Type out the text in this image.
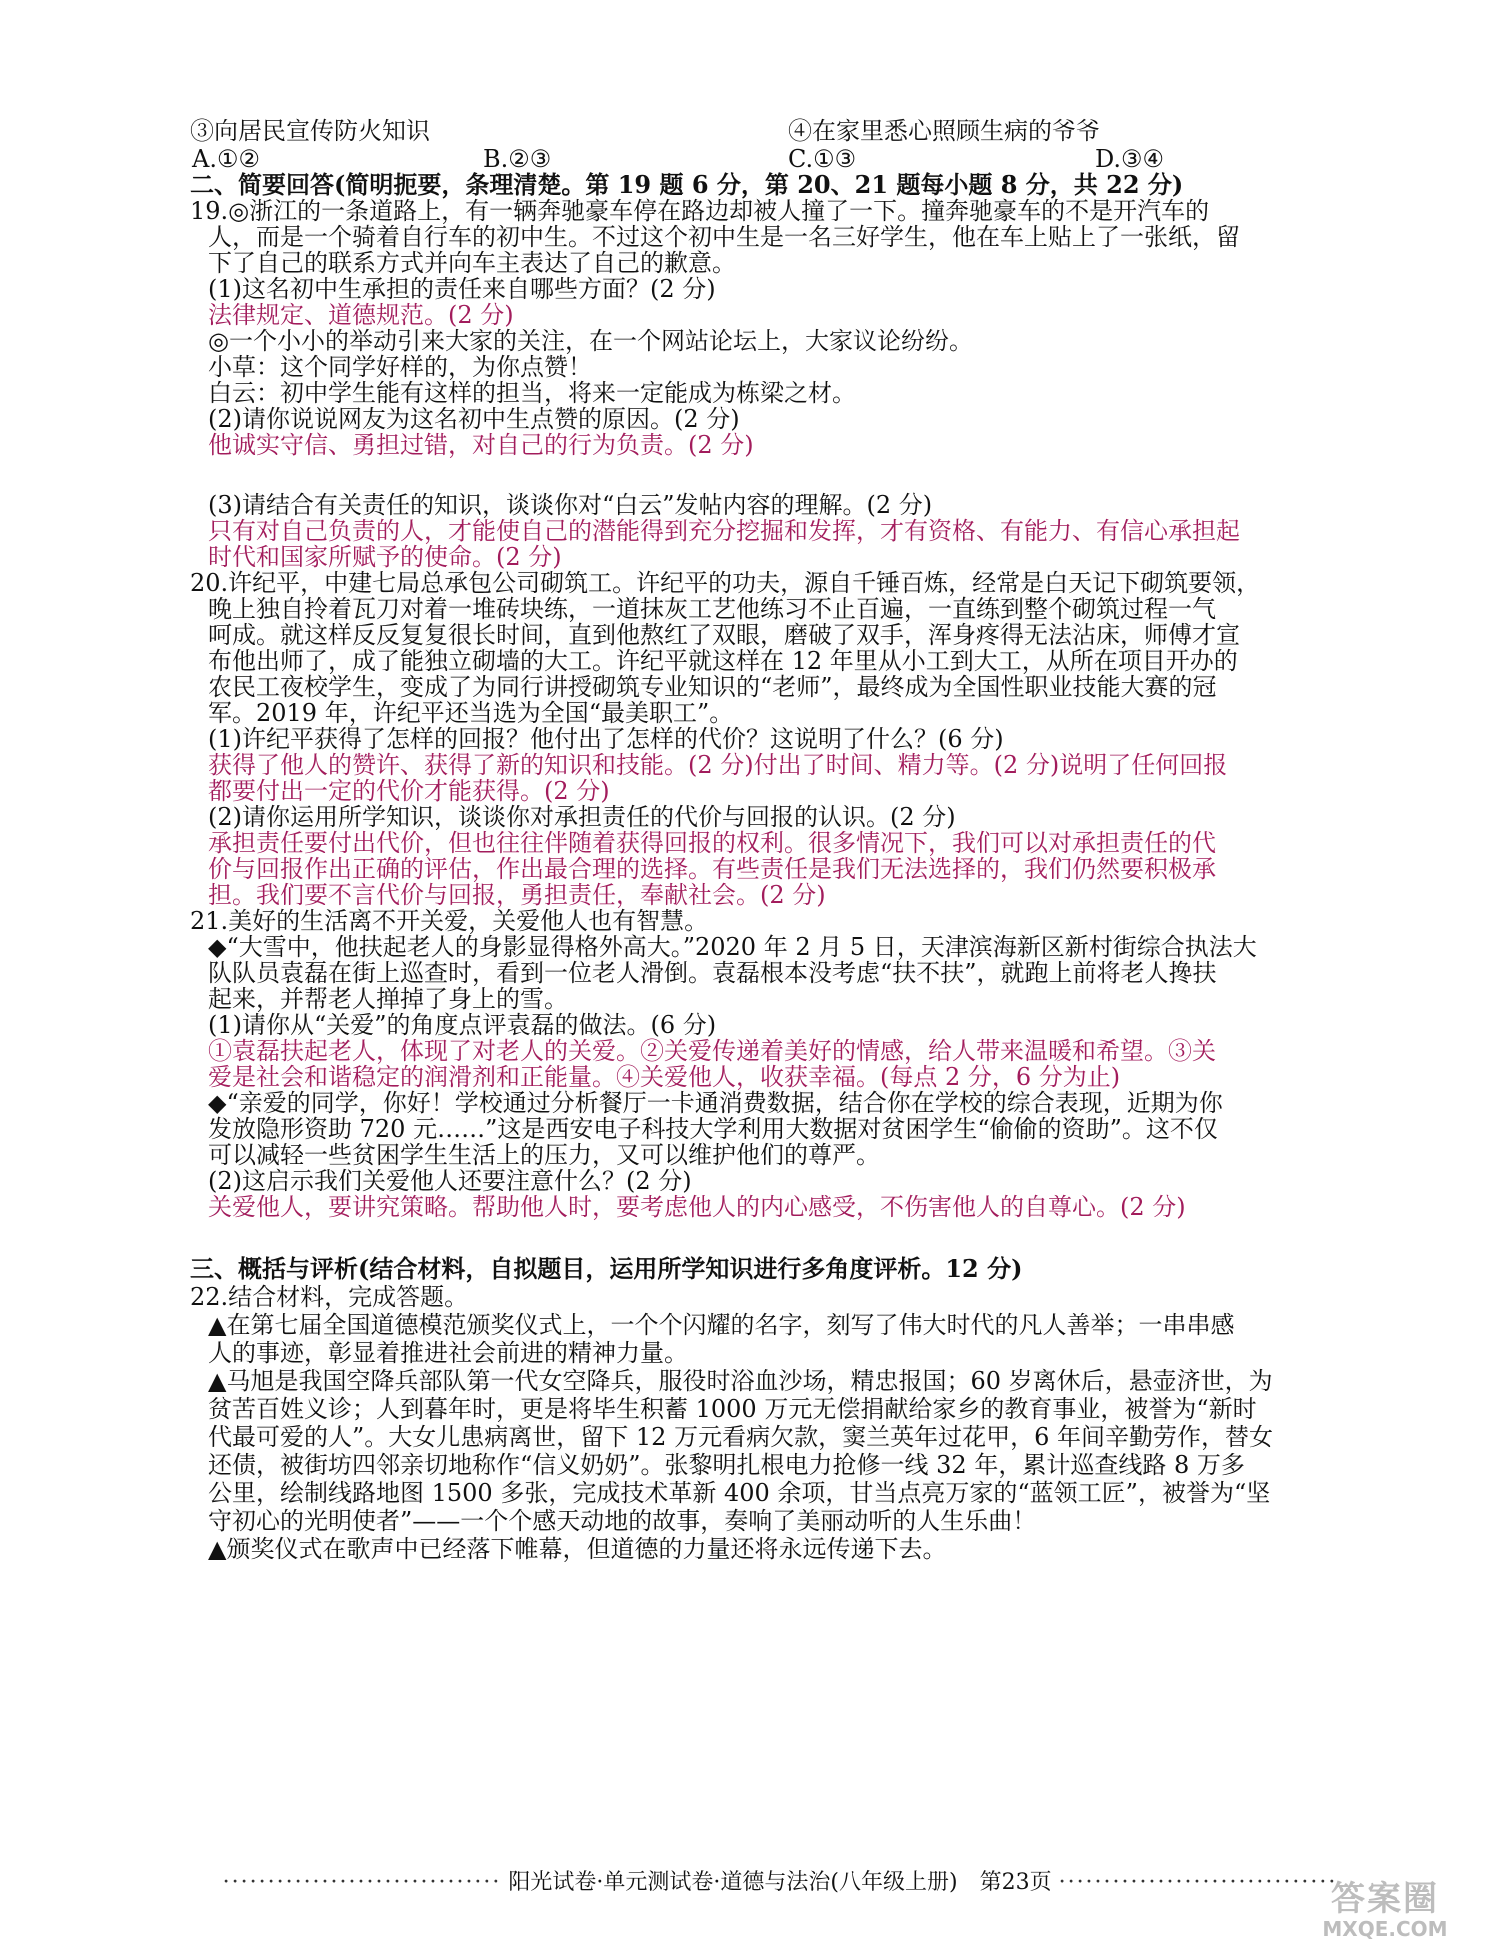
③向居民宣传防火知识	④在家里悉心照顾生病的爷爷
A.①②	B.②③	C.①③	D.③④
二、简要回答(简明扼要，条理清楚。第 19 题 6 分，第 20、21 题每小题 8 分，共 22 分)
19.◎浙江的一条道路上，有一辆奔驰豪车停在路边却被人撞了一下。撞奔驰豪车的不是开汽车的
人，而是一个骑着自行车的初中生。不过这个初中生是一名三好学生，他在车上贴上了一张纸，留
下了自己的联系方式并向车主表达了自己的歉意。
(1)这名初中生承担的责任来自哪些方面？(2 分)
法律规定、道德规范。(2 分)
◎一个小小的举动引来大家的关注，在一个网站论坛上，大家议论纷纷。
小草：这个同学好样的，为你点赞！
白云：初中学生能有这样的担当，将来一定能成为栋梁之材。
(2)请你说说网友为这名初中生点赞的原因。(2 分)
他诚实守信、勇担过错，对自己的行为负责。(2 分)
(3)请结合有关责任的知识，谈谈你对“白云”发帖内容的理解。(2 分)
只有对自己负责的人，才能使自己的潜能得到充分挖掘和发挥，才有资格、有能力、有信心承担起
时代和国家所赋予的使命。(2 分)
20.许纪平，中建七局总承包公司砌筑工。许纪平的功夫，源自千锤百炼，经常是白天记下砌筑要领，
晚上独自拎着瓦刀对着一堆砖块练，一道抹灰工艺他练习不止百遍，一直练到整个砌筑过程一气
呵成。就这样反反复复很长时间，直到他熬红了双眼，磨破了双手，浑身疼得无法沾床，师傅才宣
布他出师了，成了能独立砌墙的大工。许纪平就这样在 12 年里从小工到大工，从所在项目开办的
农民工夜校学生，变成了为同行讲授砌筑专业知识的“老师”，最终成为全国性职业技能大赛的冠
军。2019 年，许纪平还当选为全国“最美职工”。
(1)许纪平获得了怎样的回报？他付出了怎样的代价？这说明了什么？(6 分)
获得了他人的赞许、获得了新的知识和技能。(2 分)付出了时间、精力等。(2 分)说明了任何回报
都要付出一定的代价才能获得。(2 分)
(2)请你运用所学知识，谈谈你对承担责任的代价与回报的认识。(2 分)
承担责任要付出代价，但也往往伴随着获得回报的权利。很多情况下，我们可以对承担责任的代
价与回报作出正确的评估，作出最合理的选择。有些责任是我们无法选择的，我们仍然要积极承
担。我们要不言代价与回报，勇担责任，奉献社会。(2 分)
21.美好的生活离不开关爱，关爱他人也有智慧。
◆“大雪中，他扶起老人的身影显得格外高大。”2020 年 2 月 5 日，天津滨海新区新村街综合执法大
队队员袁磊在街上巡查时，看到一位老人滑倒。袁磊根本没考虑“扶不扶”，就跑上前将老人搀扶
起来，并帮老人掸掉了身上的雪。
(1)请你从“关爱”的角度点评袁磊的做法。(6 分)
①袁磊扶起老人，体现了对老人的关爱。②关爱传递着美好的情感，给人带来温暖和希望。③关
爱是社会和谐稳定的润滑剂和正能量。④关爱他人，收获幸福。(每点 2 分，6 分为止)
◆“亲爱的同学，你好！学校通过分析餐厅一卡通消费数据，结合你在学校的综合表现，近期为你
发放隐形资助 720 元……”这是西安电子科技大学利用大数据对贫困学生“偷偷的资助”。这不仅
可以减轻一些贫困学生生活上的压力，又可以维护他们的尊严。
(2)这启示我们关爱他人还要注意什么？(2 分)
关爱他人，要讲究策略。帮助他人时，要考虑他人的内心感受，不伤害他人的自尊心。(2 分)
三、概括与评析(结合材料，自拟题目，运用所学知识进行多角度评析。12 分)
22.结合材料，完成答题。
▲在第七届全国道德模范颁奖仪式上，一个个闪耀的名字，刻写了伟大时代的凡人善举；一串串感
人的事迹，彰显着推进社会前进的精神力量。
▲马旭是我国空降兵部队第一代女空降兵，服役时浴血沙场，精忠报国；60 岁离休后，悬壶济世，为
贫苦百姓义诊；人到暮年时，更是将毕生积蓄 1000 万元无偿捐献给家乡的教育事业，被誉为“新时
代最可爱的人”。大女儿患病离世，留下 12 万元看病欠款，窦兰英年过花甲，6 年间辛勤劳作，替女
还债，被街坊四邻亲切地称作“信义奶奶”。张黎明扎根电力抢修一线 32 年，累计巡查线路 8 万多
公里，绘制线路地图 1500 多张，完成技术革新 400 余项，甘当点亮万家的“蓝领工匠”，被誉为“坚
守初心的光明使者”——一个个感天动地的故事，奏响了美丽动听的人生乐曲！
▲颁奖仪式在歌声中已经落下帷幕，但道德的力量还将永远传递下去。
······························· 阳光试卷·单元测试卷·道德与法治(八年级上册)　第23页 ·······························
答案圈
MXQE.COM
